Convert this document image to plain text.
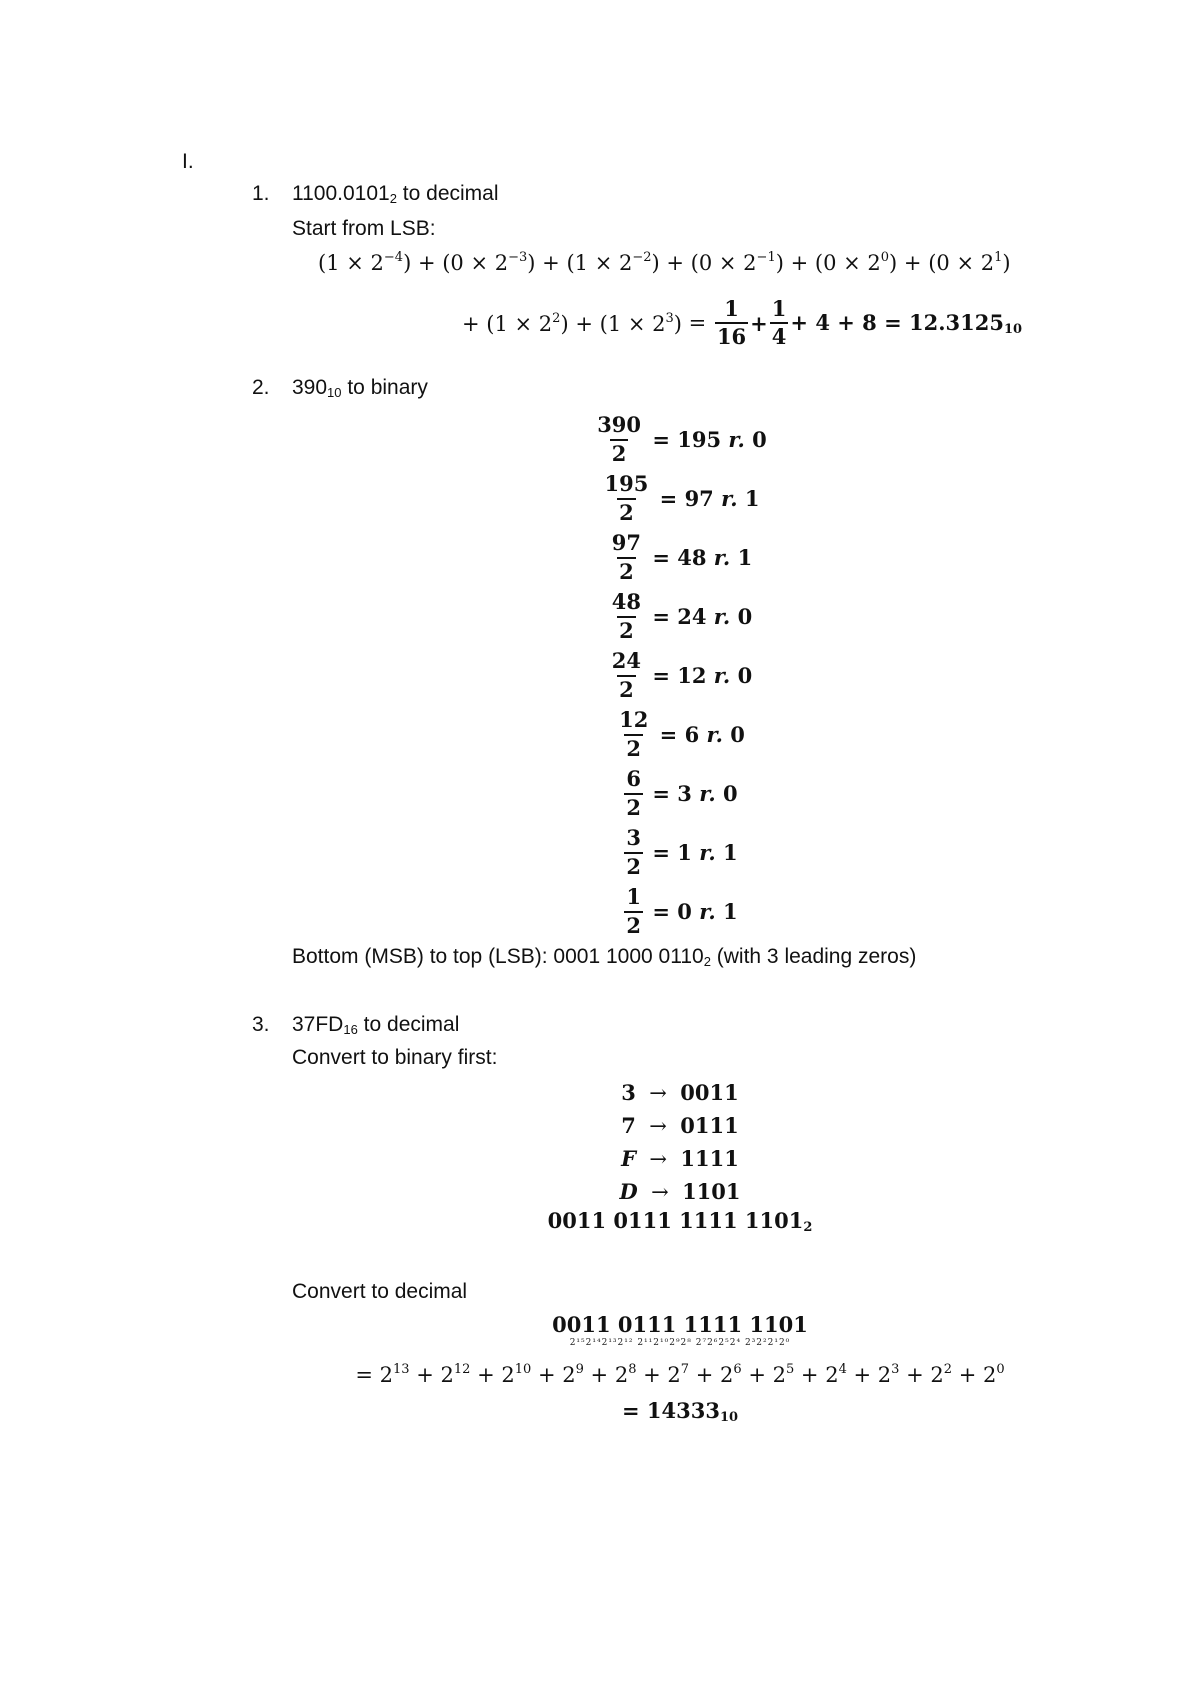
I.
1. $1100.0101_2$ to decimal
Start from LSB:
$(1 \times 2^{-4}) + (0 \times 2^{-3}) + (1 \times 2^{-2}) + (0 \times 2^{-1}) + (0 \times 2^0) + (0 \times 2^1)$
+ $(1 \times 2^2) + (1 \times 2^3) = \frac{1}{16} + \frac{1}{4} + 4 + 8 = 12.3125_{10}$
2. $390_{10}$ to binary
$\frac{390}{2} = 195$ r. 0
$\frac{195}{2} = 97$ r. 1
$\frac{97}{2} = 48$ r. 1
$\frac{48}{2} = 24$ r. 0
$\frac{24}{2} = 12$ r. 0
$\frac{12}{2} = 6$ r. 0
$\frac{6}{2} = 3$ r. 0
$\frac{3}{2} = 1$ r. 1
$\frac{1}{2} = 0$ r. 1
Bottom (MSB) to top (LSB): 0001 1000 $0110_2$ (with 3 leading zeros)
3. $37FD_{16}$ to decimal
Convert to binary first:
3 → 0011
7 → 0111
F → 1111
D → 1101
0011 0111 1111 $1101_2$
Convert to decimal
0011 0111 1111 1101
2¹⁵2¹⁴2¹³2¹² 2¹¹2¹⁰2⁹2⁸ 2⁷2⁶2⁵2⁴ 2³2²2¹2⁰
= $2^{13} + 2^{12} + 2^{10} + 2^9 + 2^8 + 2^7 + 2^6 + 2^5 + 2^4 + 2^3 + 2^2 + 2^0$
= $14333_{10}$
